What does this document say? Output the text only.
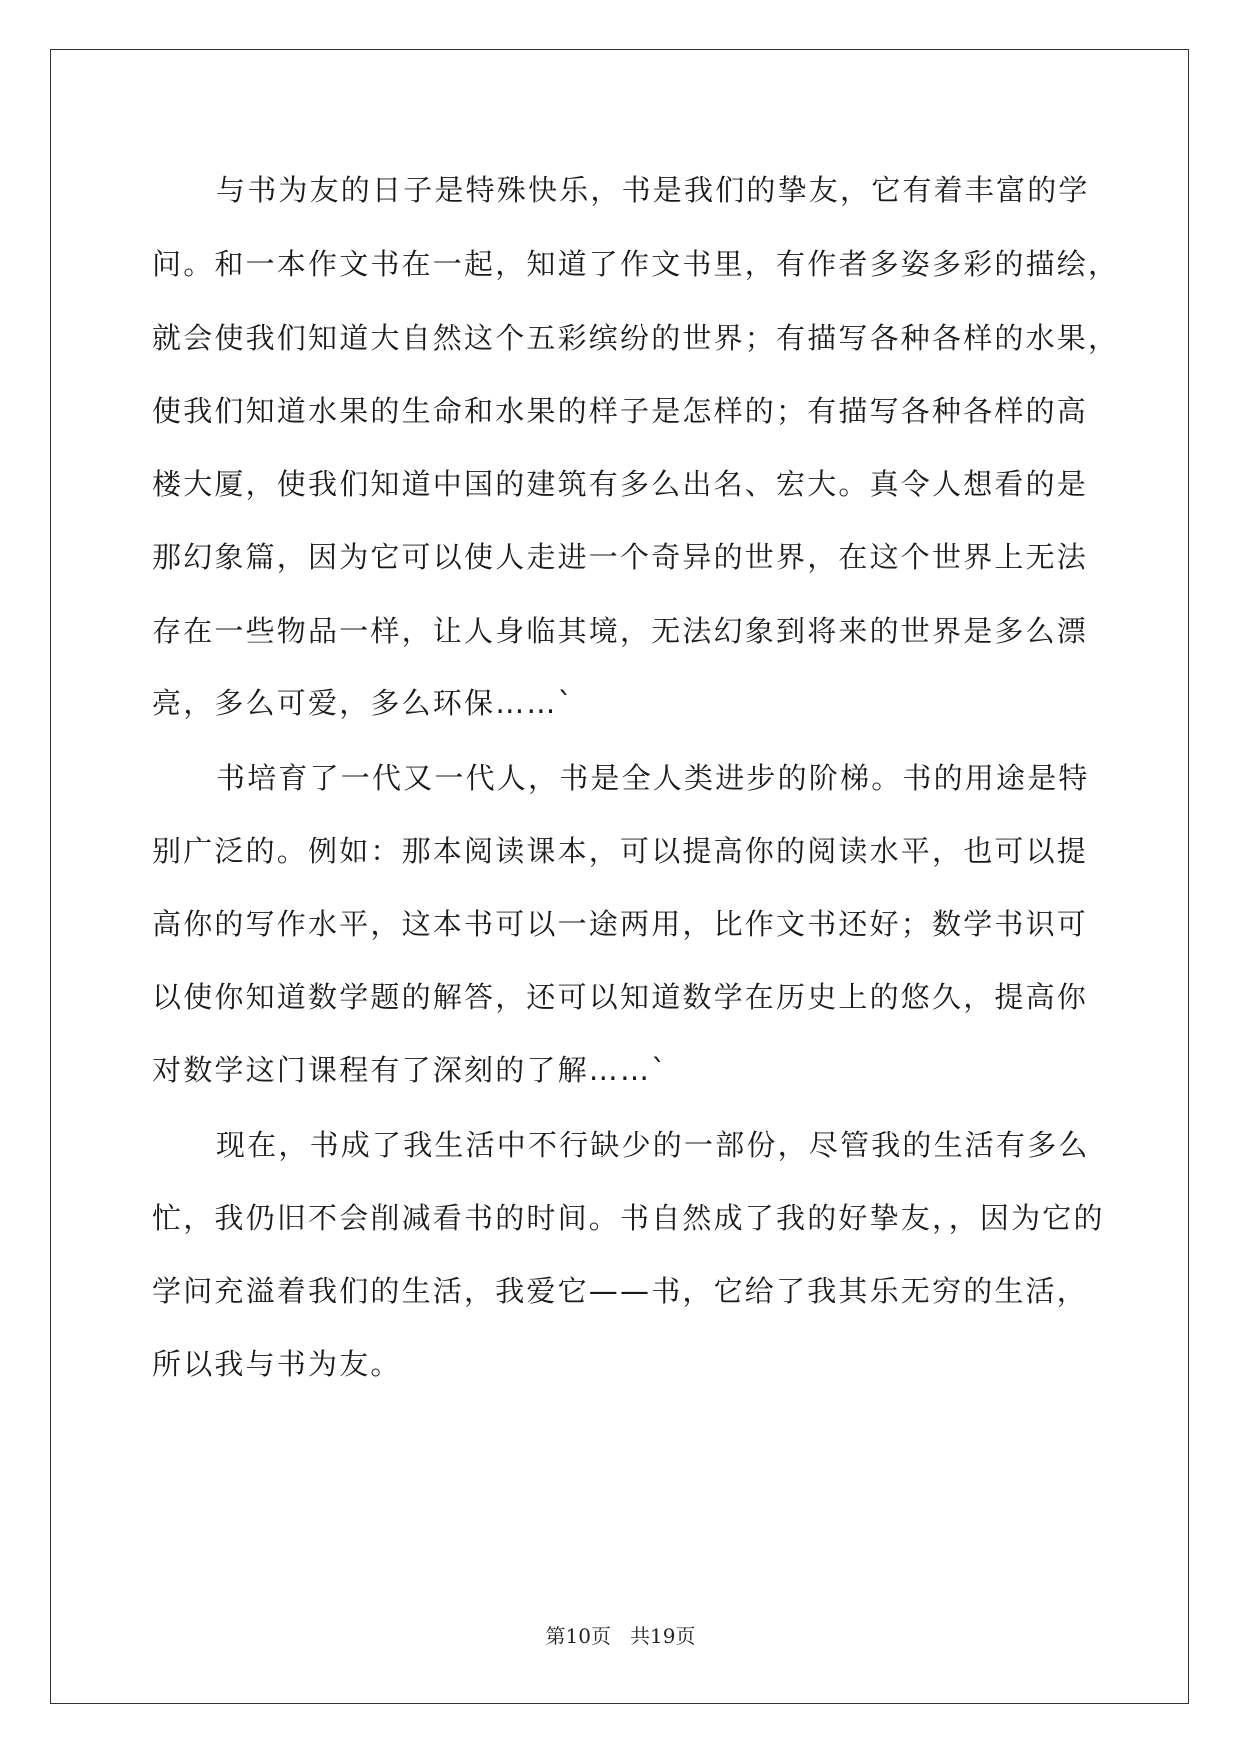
与书为友的日子是特殊快乐，书是我们的挚友，它有着丰富的学
问。和一本作文书在一起，知道了作文书里，有作者多姿多彩的描绘，
就会使我们知道大自然这个五彩缤纷的世界；有描写各种各样的水果，
使我们知道水果的生命和水果的样子是怎样的；有描写各种各样的高
楼大厦，使我们知道中国的建筑有多么出名、宏大。真令人想看的是
那幻象篇，因为它可以使人走进一个奇异的世界，在这个世界上无法
存在一些物品一样，让人身临其境，无法幻象到将来的世界是多么漂
亮，多么可爱，多么环保……`
书培育了一代又一代人，书是全人类进步的阶梯。书的用途是特
别广泛的。例如：那本阅读课本，可以提高你的阅读水平，也可以提
高你的写作水平，这本书可以一途两用，比作文书还好；数学书识可
以使你知道数学题的解答，还可以知道数学在历史上的悠久，提高你
对数学这门课程有了深刻的了解……`
现在，书成了我生活中不行缺少的一部份，尽管我的生活有多么
忙，我仍旧不会削减看书的时间。书自然成了我的好挚友，，因为它的
学问充溢着我们的生活，我爱它——书，它给了我其乐无穷的生活，
所以我与书为友。
第10页   共19页
